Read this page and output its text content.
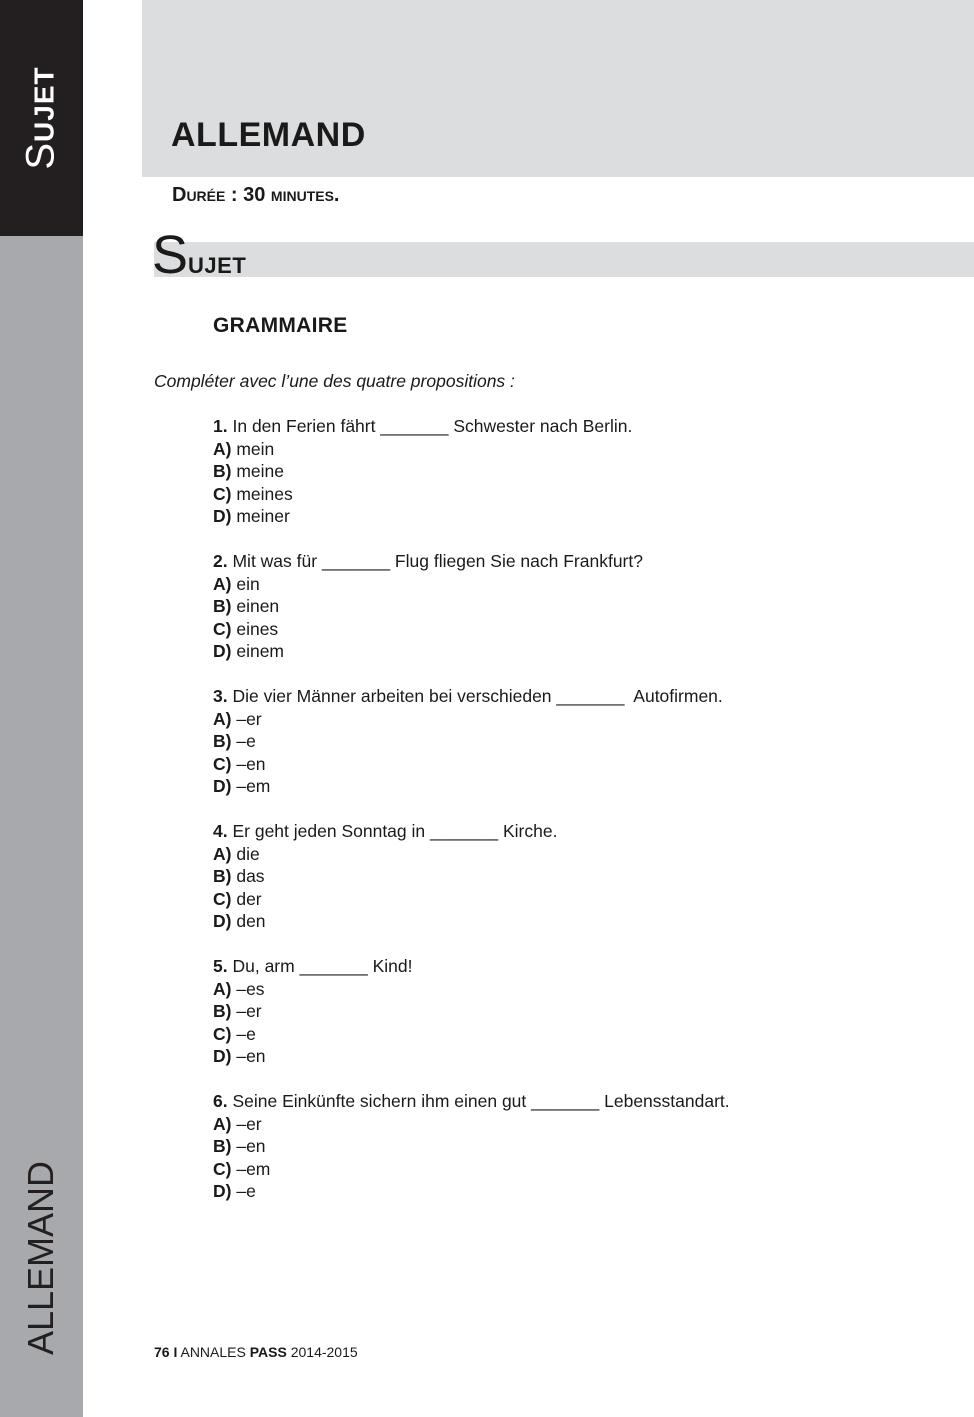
SUJET
ALLEMAND
ALLEMAND
Durée : 30 minutes.
SUJET
GRAMMAIRE
Compléter avec l’une des quatre propositions :
1. In den Ferien fährt _______ Schwester nach Berlin.
A) mein
B) meine
C) meines
D) meiner
2. Mit was für _______ Flug fliegen Sie nach Frankfurt?
A) ein
B) einen
C) eines
D) einem
3. Die vier Männer arbeiten bei verschieden _______  Autofirmen.
A) –er
B) –e
C) –en
D) –em
4. Er geht jeden Sonntag in _______ Kirche.
A) die
B) das
C) der
D) den
5. Du, arm _______ Kind!
A) –es
B) –er
C) –e
D) –en
6. Seine Einkünfte sichern ihm einen gut _______ Lebensstandart.
A) –er
B) –en
C) –em
D) –e
76 I ANNALES PASS 2014-2015
